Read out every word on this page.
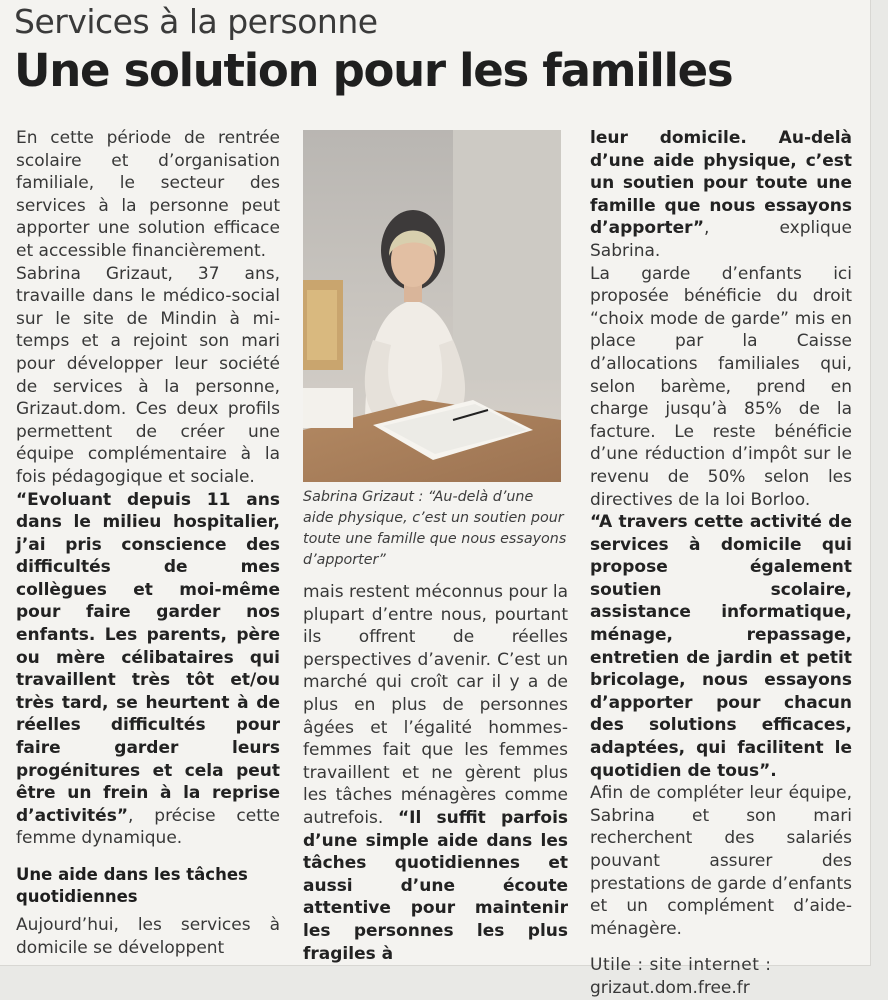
Services à la personne
Une solution pour les familles

En cette période de rentrée scolaire et d’organisation familiale, le secteur des services à la personne peut apporter une solution efficace et accessible financièrement.

Sabrina Grizaut, 37 ans, travaille dans le médico-social sur le site de Mindin à mi-temps et a rejoint son mari pour développer leur société de services à la personne, Grizaut.dom. Ces deux profils permettent de créer une équipe complémentaire à la fois pédagogique et sociale.

“Evoluant depuis 11 ans dans le milieu hospitalier, j’ai pris conscience des difficultés de mes collègues et moi-même pour faire garder nos enfants. Les parents, père ou mère célibataires qui travaillent très tôt et/ou très tard, se heurtent à de réelles difficultés pour faire garder leurs progénitures et cela peut être un frein à la reprise d’activités”, précise cette femme dynamique.

Une aide dans les tâches quotidiennes

Aujourd’hui, les services à domicile se développent

Sabrina Grizaut : “Au-delà d’une aide physique, c’est un soutien pour toute une famille que nous essayons d’apporter”

mais restent méconnus pour la plupart d’entre nous, pourtant ils offrent de réelles perspectives d’avenir. C’est un marché qui croît car il y a de plus en plus de personnes âgées et l’égalité hommes-femmes fait que les femmes travaillent et ne gèrent plus les tâches ménagères comme autrefois. “Il suffit parfois d’une simple aide dans les tâches quotidiennes et aussi d’une écoute attentive pour maintenir les personnes les plus fragiles à

leur domicile. Au-delà d’une aide physique, c’est un soutien pour toute une famille que nous essayons d’apporter”, explique Sabrina.

La garde d’enfants ici proposée bénéficie du droit “choix mode de garde” mis en place par la Caisse d’allocations familiales qui, selon barème, prend en charge jusqu’à 85% de la facture. Le reste bénéficie d’une réduction d’impôt sur le revenu de 50% selon les directives de la loi Borloo.

“A travers cette activité de services à domicile qui propose également soutien scolaire, assistance informatique, ménage, repassage, entretien de jardin et petit bricolage, nous essayons d’apporter pour chacun des solutions efficaces, adaptées, qui facilitent le quotidien de tous”.

Afin de compléter leur équipe, Sabrina et son mari recherchent des salariés pouvant assurer des prestations de garde d’enfants et un complément d’aide-ménagère.

Utile : site internet :

grizaut.dom.free.fr
